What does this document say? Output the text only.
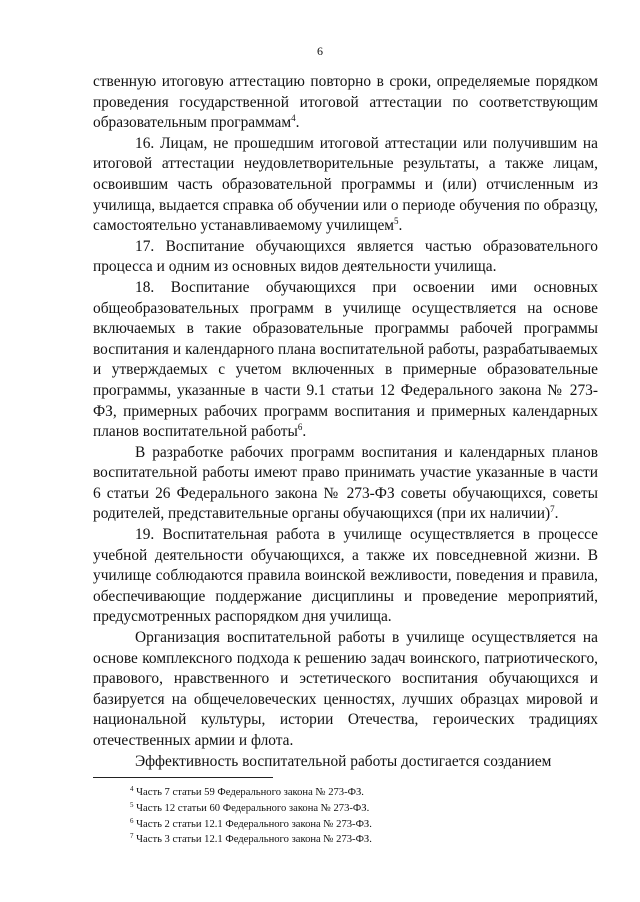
6

ственную итоговую аттестацию повторно в сроки, определяемые порядком проведения государственной итоговой аттестации по соответствующим образовательным программам$^4$.

16. Лицам, не прошедшим итоговой аттестации или получившим на итоговой аттестации неудовлетворительные результаты, а также лицам, освоившим часть образовательной программы и (или) отчисленным из училища, выдается справка об обучении или о периоде обучения по образцу, самостоятельно устанавливаемому училищем$^5$.

17. Воспитание обучающихся является частью образовательного процесса и одним из основных видов деятельности училища.

18. Воспитание обучающихся при освоении ими основных общеобразовательных программ в училище осуществляется на основе включаемых в такие образовательные программы рабочей программы воспитания и календарного плана воспитательной работы, разрабатываемых и утверждаемых с учетом включенных в примерные образовательные программы, указанные в части 9.1 статьи 12 Федерального закона № 273-ФЗ, примерных рабочих программ воспитания и примерных календарных планов воспитательной работы$^6$.

В разработке рабочих программ воспитания и календарных планов воспитательной работы имеют право принимать участие указанные в части 6 статьи 26 Федерального закона № 273-ФЗ советы обучающихся, советы родителей, представительные органы обучающихся (при их наличии)$^7$.

19. Воспитательная работа в училище осуществляется в процессе учебной деятельности обучающихся, а также их повседневной жизни. В училище соблюдаются правила воинской вежливости, поведения и правила, обеспечивающие поддержание дисциплины и проведение мероприятий, предусмотренных распорядком дня училища.

Организация воспитательной работы в училище осуществляется на основе комплексного подхода к решению задач воинского, патриотического, правового, нравственного и эстетического воспитания обучающихся и базируется на общечеловеческих ценностях, лучших образцах мировой и национальной культуры, истории Отечества, героических традициях отечественных армии и флота.

Эффективность воспитательной работы достигается созданием

$^4$ Часть 7 статьи 59 Федерального закона № 273-ФЗ.
$^5$ Часть 12 статьи 60 Федерального закона № 273-ФЗ.
$^6$ Часть 2 статьи 12.1 Федерального закона № 273-ФЗ.
$^7$ Часть 3 статьи 12.1 Федерального закона № 273-ФЗ.
